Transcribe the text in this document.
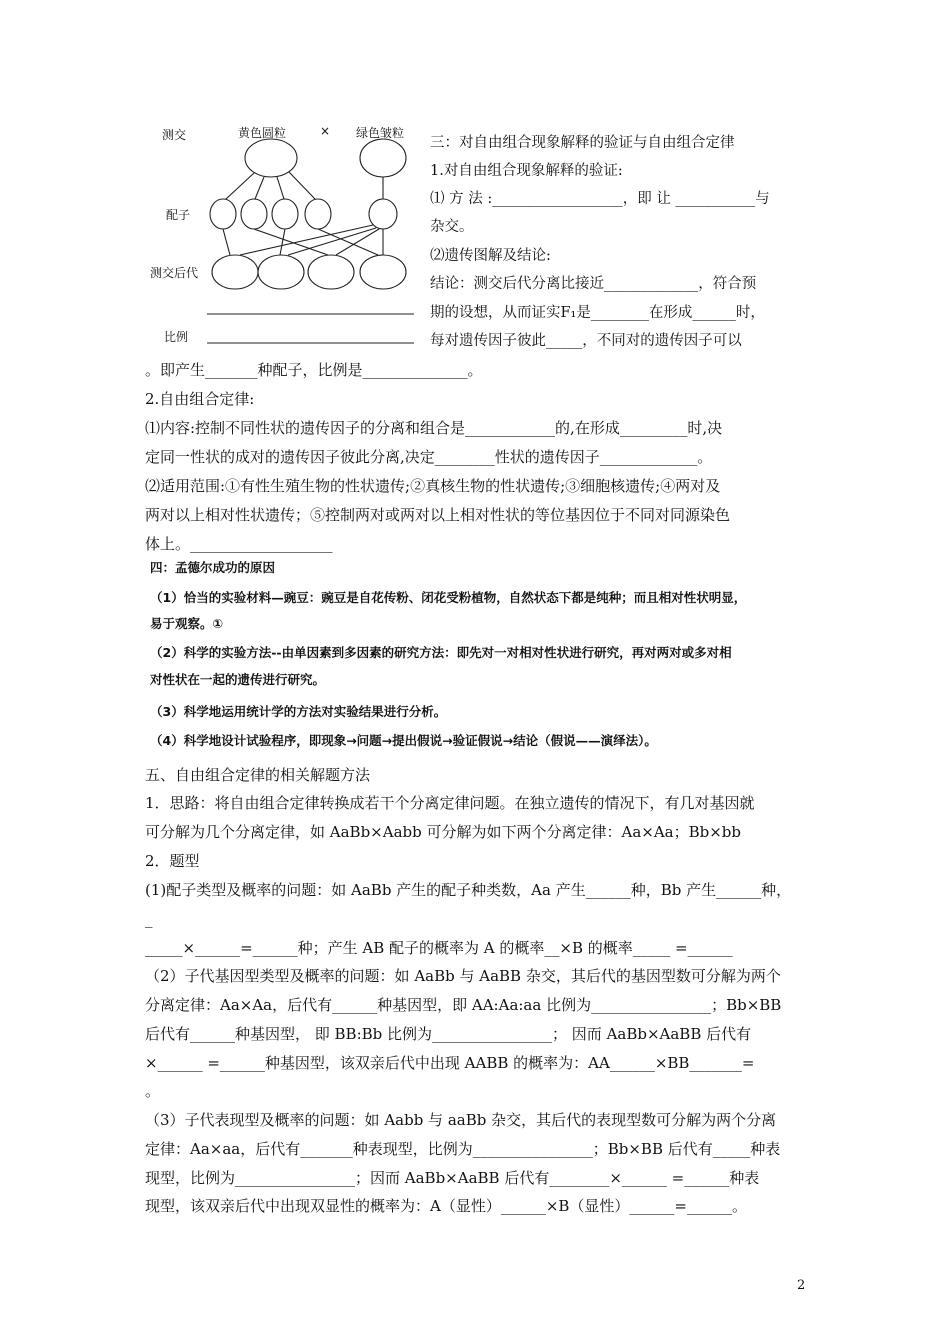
测交	黄色圆粒	× 绿色皱粒
配子
测交后代
比例
三：对自由组合现象解释的验证与自由组合定律
1.对自由组合现象解释的验证:
⑴ 方 法 :__________________，即 让 ___________与
杂交。
⑵遗传图解及结论:
结论：测交后代分离比接近_____________，符合预
期的设想，从而证实F₁是________在形成______时，
每对遗传因子彼此_____，不同对的遗传因子可以
。即产生_______种配子，比例是______________。
2.自由组合定律:
⑴内容:控制不同性状的遗传因子的分离和组合是____________的,在形成_________时,决
定同一性状的成对的遗传因子彼此分离,决定________性状的遗传因子_____________。
⑵适用范围:①有性生殖生物的性状遗传;②真核生物的性状遗传;③细胞核遗传;④两对及
两对以上相对性状遗传；⑤控制两对或两对以上相对性状的等位基因位于不同对同源染色
体上。___________________
四：孟德尔成功的原因
（1）恰当的实验材料—豌豆：豌豆是自花传粉、闭花受粉植物，自然状态下都是纯种；而且相对性状明显，
易于观察。①
（2）科学的实验方法--由单因素到多因素的研究方法：即先对一对相对性状进行研究，再对两对或多对相
对性状在一起的遗传进行研究。
（3）科学地运用统计学的方法对实验结果进行分析。
（4）科学地设计试验程序，即现象→问题→提出假说→验证假说→结论（假说——演绎法）。
五、自由组合定律的相关解题方法
1．思路：将自由组合定律转换成若干个分离定律问题。在独立遗传的情况下，有几对基因就
可分解为几个分离定律，如 AaBb×Aabb 可分解为如下两个分离定律：Aa×Aa；Bb×bb
2．题型
(1)配子类型及概率的问题：如 AaBb 产生的配子种类数，Aa 产生______种，Bb 产生______种，
_
_____×______=______种；产生 AB 配子的概率为 A 的概率__×B 的概率_____ =______
（2）子代基因型类型及概率的问题：如 AaBb 与 AaBB 杂交，其后代的基因型数可分解为两个
分离定律：Aa×Aa，后代有______种基因型，即 AA:Aa:aa 比例为________________；Bb×BB
后代有______种基因型， 即 BB:Bb 比例为________________； 因而 AaBb×AaBB 后代有
×______ =______种基因型，该双亲后代中出现 AABB 的概率为：AA______×BB_______=
。
（3）子代表现型及概率的问题：如 Aabb 与 aaBb 杂交，其后代的表现型数可分解为两个分离
定律：Aa×aa，后代有_______种表现型，比例为________________；Bb×BB 后代有_____种表
现型，比例为________________；因而 AaBb×AaBB 后代有________×______ =______种表
现型，该双亲后代中出现双显性的概率为：A（显性）______×B（显性）______=______。
2
